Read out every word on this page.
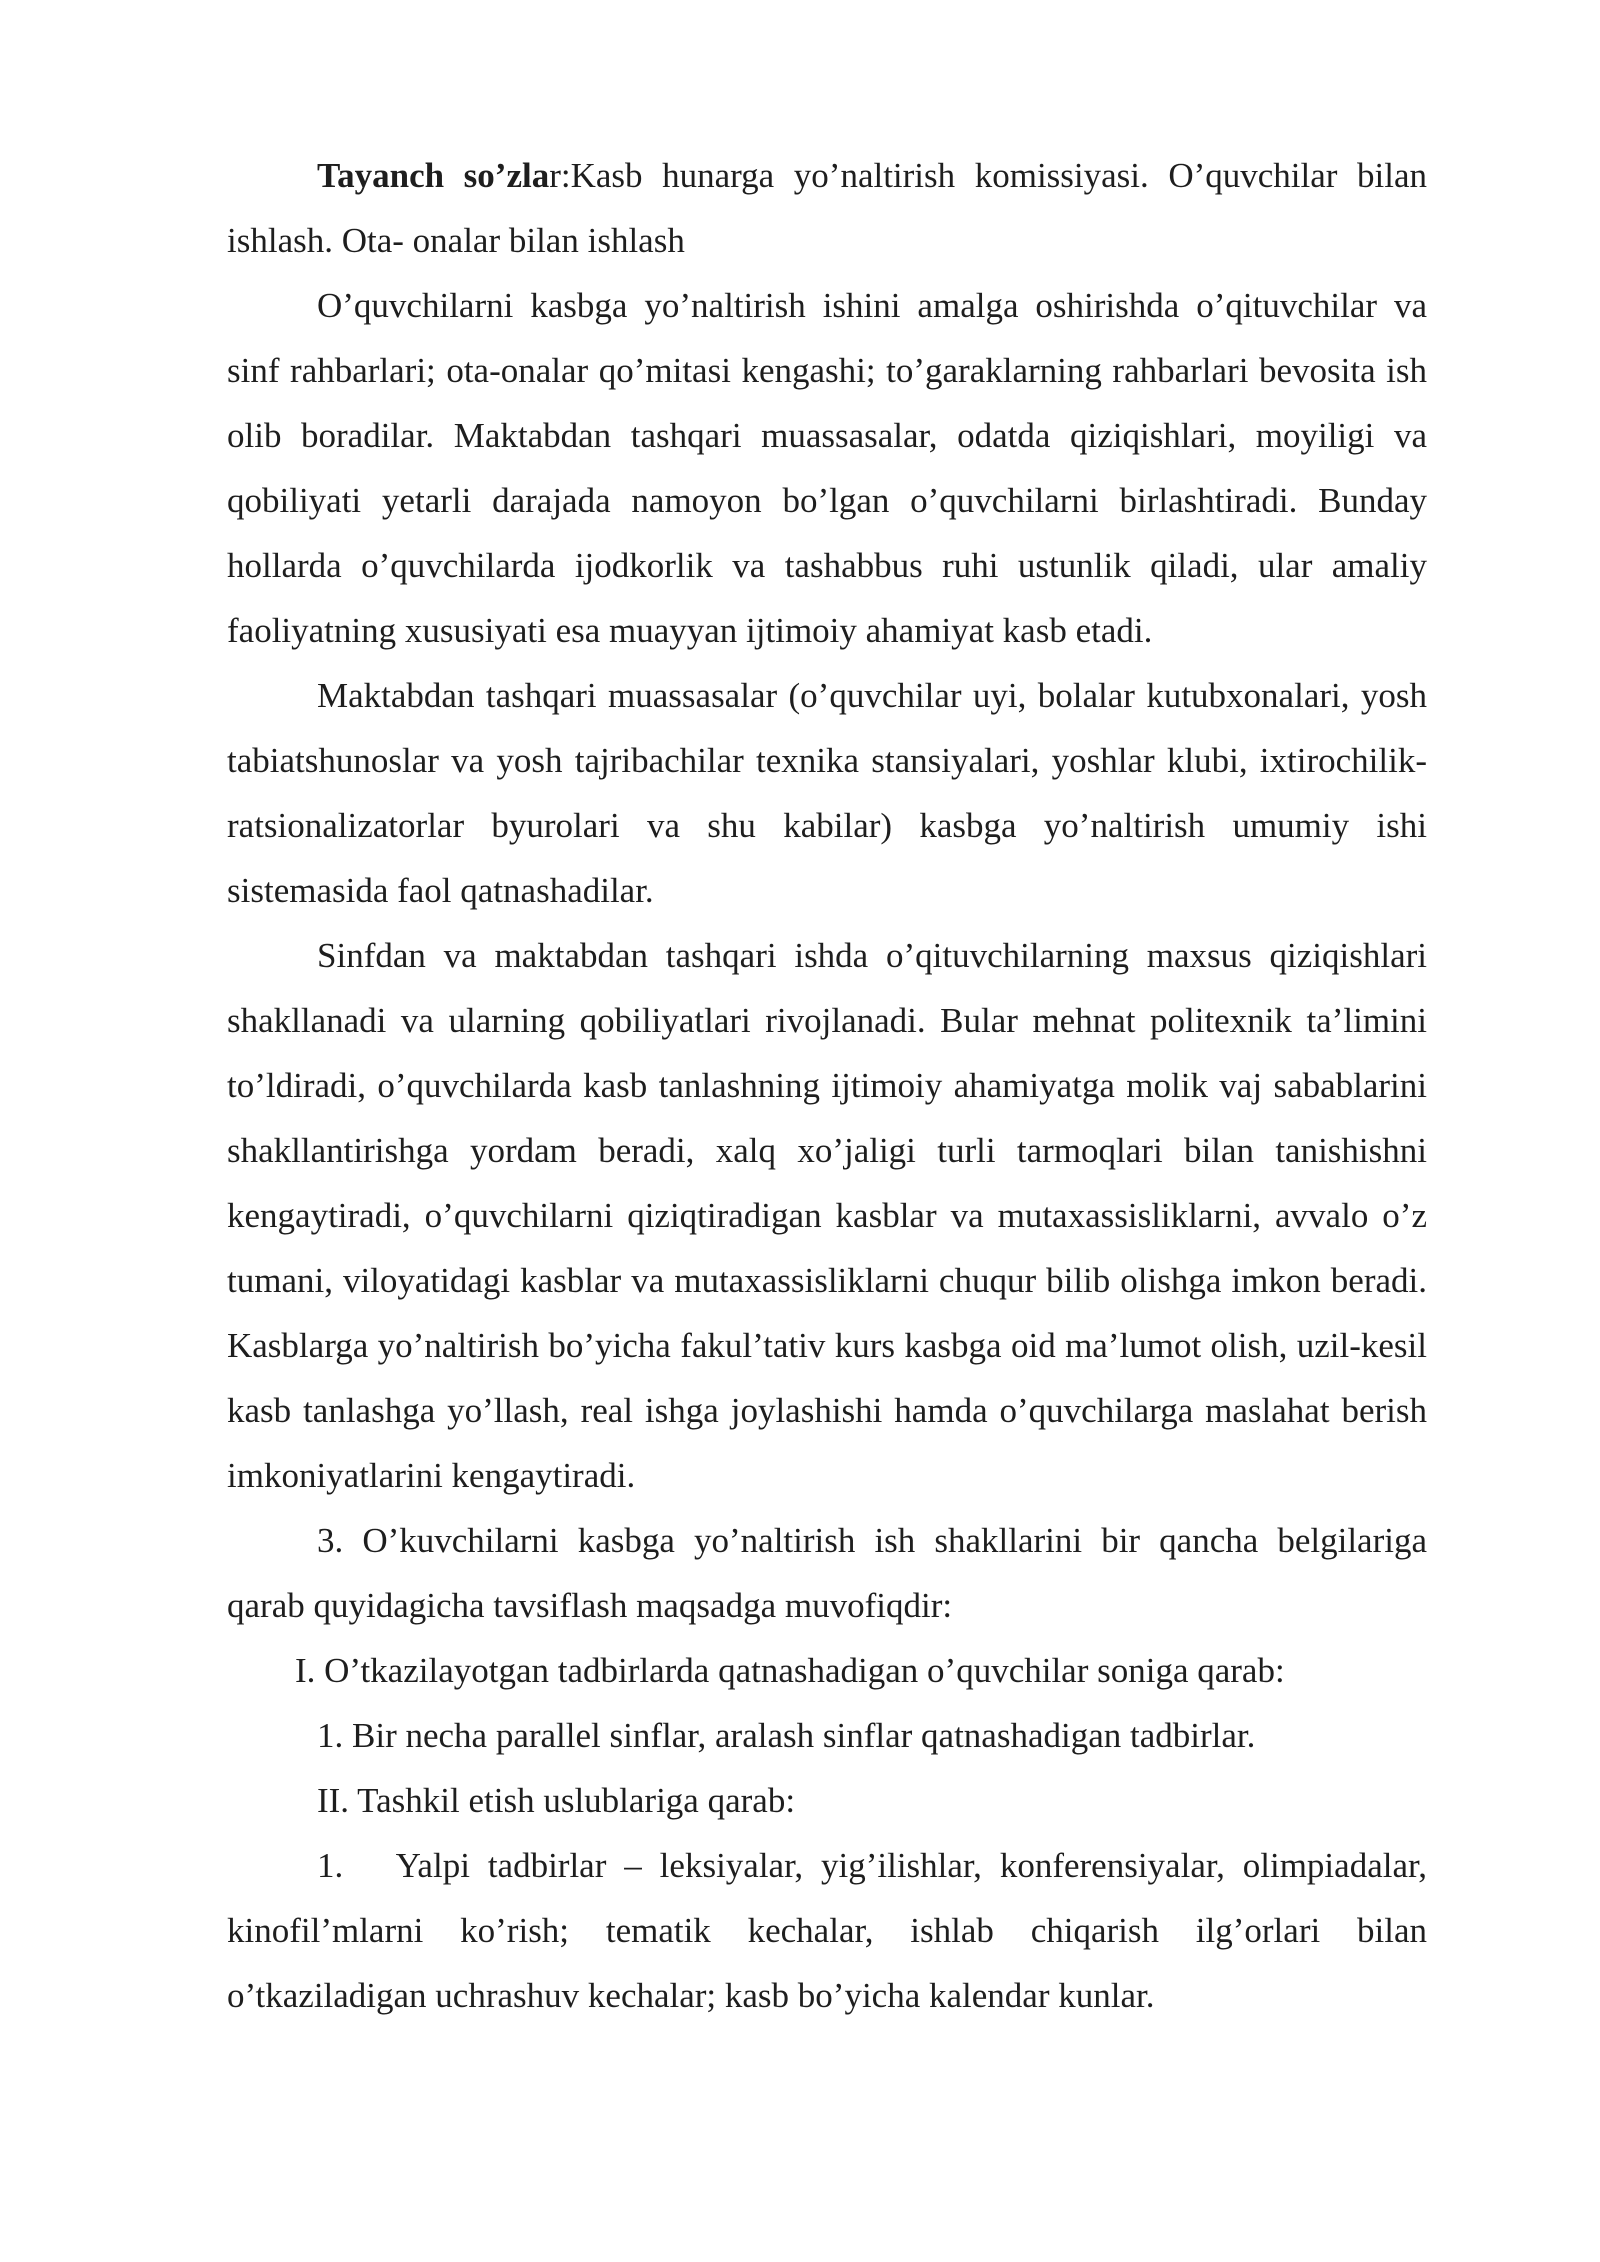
Tayanch so’zlar:Kasb hunarga yo’naltirish komissiyasi. O’quvchilar bilan ishlash. Ota- onalar bilan ishlash

O’quvchilarni kasbga yo’naltirish ishini amalga oshirishda o’qituvchilar va sinf rahbarlari; ota-onalar qo’mitasi kengashi; to’garaklarning rahbarlari bevosita ish olib boradilar. Maktabdan tashqari muassasalar, odatda qiziqishlari, moyiligi va qobiliyati yetarli darajada namoyon bo’lgan o’quvchilarni birlashtiradi. Bunday hollarda o’quvchilarda ijodkorlik va tashabbus ruhi ustunlik qiladi, ular amaliy faoliyatning xususiyati esa muayyan ijtimoiy ahamiyat kasb etadi.

Maktabdan tashqari muassasalar (o’quvchilar uyi, bolalar kutubxonalari, yosh tabiatshunoslar va yosh tajribachilar texnika stansiyalari, yoshlar klubi, ixtirochilik-ratsionalizatorlar byurolari va shu kabilar) kasbga yo’naltirish umumiy ishi sistemasida faol qatnashadilar.

Sinfdan va maktabdan tashqari ishda o’qituvchilarning maxsus qiziqishlari shakllanadi va ularning qobiliyatlari rivojlanadi. Bular mehnat politexnik ta’limini to’ldiradi, o’quvchilarda kasb tanlashning ijtimoiy ahamiyatga molik vaj sabablarini shakllantirishga yordam beradi, xalq xo’jaligi turli tarmoqlari bilan tanishishni kengaytiradi, o’quvchilarni qiziqtiradigan kasblar va mutaxassisliklarni, avvalo o’z tumani, viloyatidagi kasblar va mutaxassisliklarni chuqur bilib olishga imkon beradi. Kasblarga yo’naltirish bo’yicha fakul’tativ kurs kasbga oid ma’lumot olish, uzil-kesil kasb tanlashga yo’llash, real ishga joylashishi hamda o’quvchilarga maslahat berish imkoniyatlarini kengaytiradi.

3. O’kuvchilarni kasbga yo’naltirish ish shakllarini bir qancha belgilariga qarab quyidagicha tavsiflash maqsadga muvofiqdir:

I. O’tkazilayotgan tadbirlarda qatnashadigan o’quvchilar soniga qarab:

1. Bir necha parallel sinflar, aralash sinflar qatnashadigan tadbirlar.

II. Tashkil etish uslublariga qarab:

1.   Yalpi tadbirlar – leksiyalar, yig’ilishlar, konferensiyalar, olimpiadalar, kinofil’mlarni ko’rish; tematik kechalar, ishlab chiqarish ilg’orlari bilan o’tkaziladigan uchrashuv kechalar; kasb bo’yicha kalendar kunlar.
